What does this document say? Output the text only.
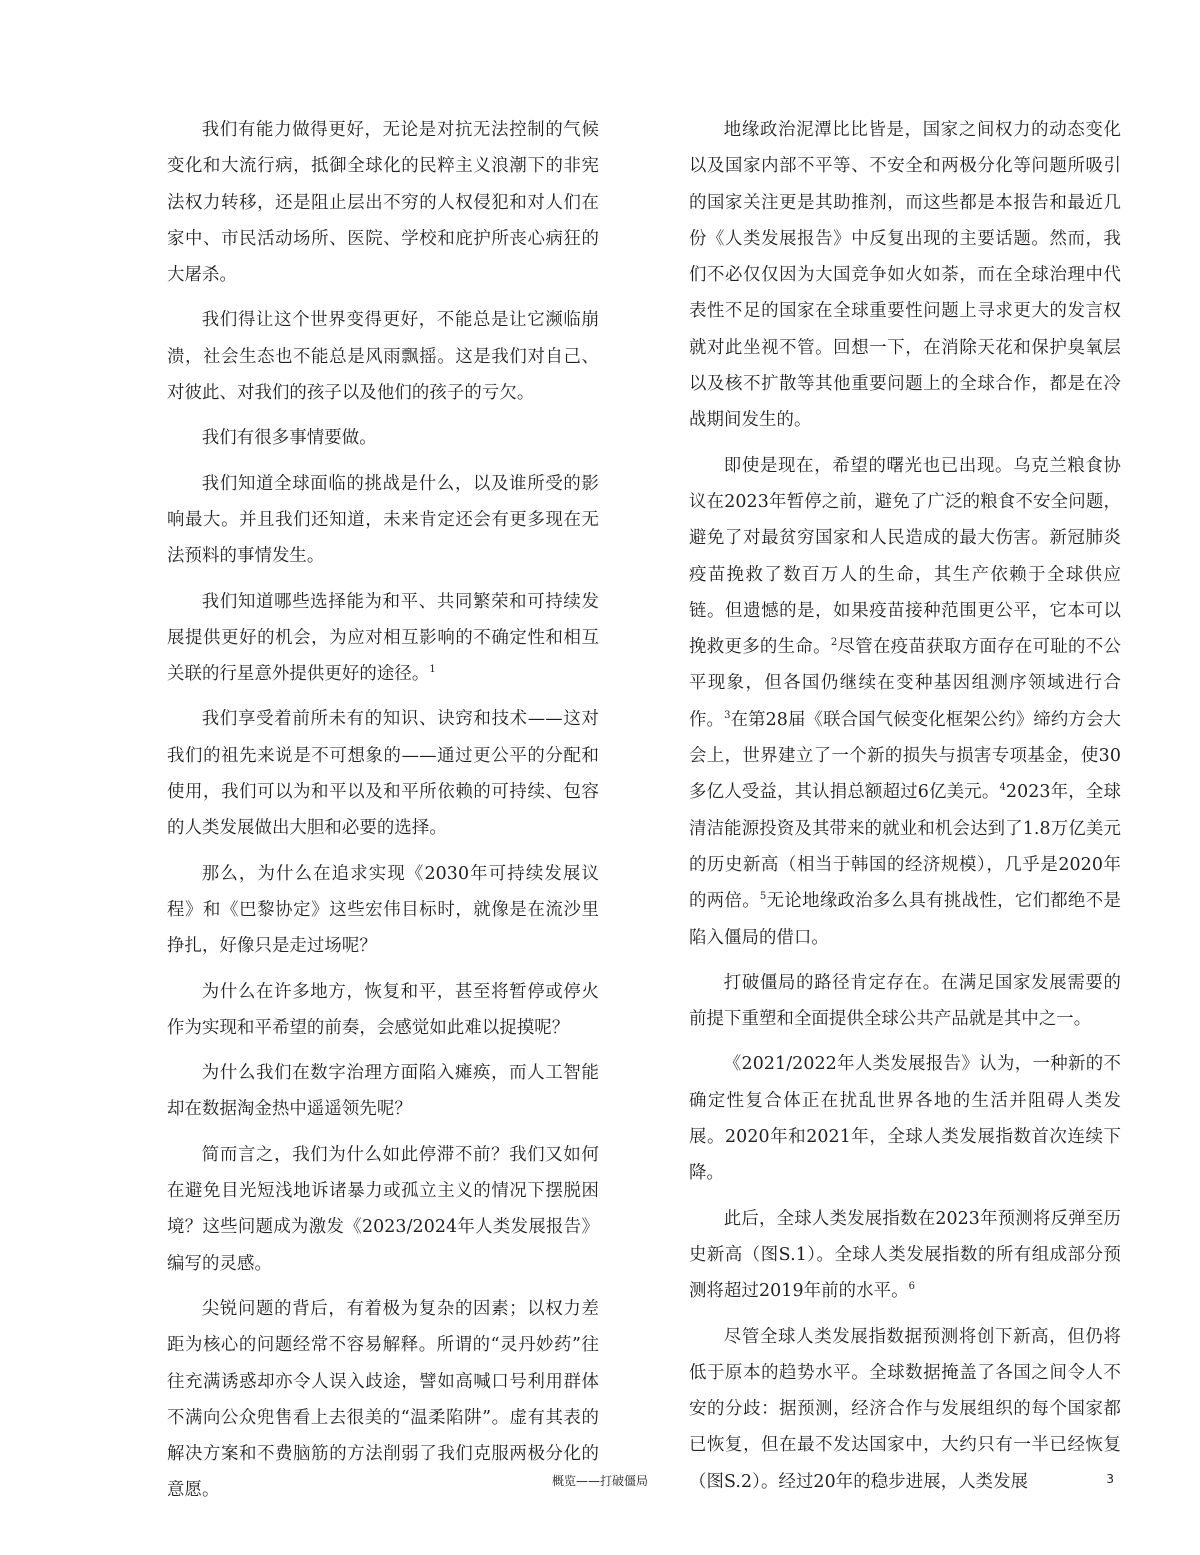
我们有能力做得更好，无论是对抗无法控制的气候变化和大流行病，抵御全球化的民粹主义浪潮下的非宪法权力转移，还是阻止层出不穷的人权侵犯和对人们在家中、市民活动场所、医院、学校和庇护所丧心病狂的大屠杀。

我们得让这个世界变得更好，不能总是让它濒临崩溃，社会生态也不能总是风雨飘摇。这是我们对自己、对彼此、对我们的孩子以及他们的孩子的亏欠。

我们有很多事情要做。

我们知道全球面临的挑战是什么，以及谁所受的影响最大。并且我们还知道，未来肯定还会有更多现在无法预料的事情发生。

我们知道哪些选择能为和平、共同繁荣和可持续发展提供更好的机会，为应对相互影响的不确定性和相互关联的行星意外提供更好的途径。$^1$

我们享受着前所未有的知识、诀窍和技术——这对我们的祖先来说是不可想象的——通过更公平的分配和使用，我们可以为和平以及和平所依赖的可持续、包容的人类发展做出大胆和必要的选择。

那么，为什么在追求实现《2030年可持续发展议程》和《巴黎协定》这些宏伟目标时，就像是在流沙里挣扎，好像只是走过场呢？

为什么在许多地方，恢复和平，甚至将暂停或停火作为实现和平希望的前奏，会感觉如此难以捉摸呢？

为什么我们在数字治理方面陷入瘫痪，而人工智能却在数据淘金热中遥遥领先呢？

简而言之，我们为什么如此停滞不前？我们又如何在避免目光短浅地诉诸暴力或孤立主义的情况下摆脱困境？这些问题成为激发《2023/2024年人类发展报告》编写的灵感。

尖锐问题的背后，有着极为复杂的因素；以权力差距为核心的问题经常不容易解释。所谓的“灵丹妙药”往往充满诱惑却亦令人误入歧途，譬如高喊口号利用群体不满向公众兜售看上去很美的“温柔陷阱”。虚有其表的解决方案和不费脑筋的方法削弱了我们克服两极分化的意愿。

地缘政治泥潭比比皆是，国家之间权力的动态变化以及国家内部不平等、不安全和两极分化等问题所吸引的国家关注更是其助推剂，而这些都是本报告和最近几份《人类发展报告》中反复出现的主要话题。然而，我们不必仅仅因为大国竞争如火如荼，而在全球治理中代表性不足的国家在全球重要性问题上寻求更大的发言权就对此坐视不管。回想一下，在消除天花和保护臭氧层以及核不扩散等其他重要问题上的全球合作，都是在冷战期间发生的。

即使是现在，希望的曙光也已出现。乌克兰粮食协议在2023年暂停之前，避免了广泛的粮食不安全问题，避免了对最贫穷国家和人民造成的最大伤害。新冠肺炎疫苗挽救了数百万人的生命，其生产依赖于全球供应链。但遗憾的是，如果疫苗接种范围更公平，它本可以挽救更多的生命。$^2$尽管在疫苗获取方面存在可耻的不公平现象，但各国仍继续在变种基因组测序领域进行合作。$^3$在第28届《联合国气候变化框架公约》缔约方会大会上，世界建立了一个新的损失与损害专项基金，使30多亿人受益，其认捐总额超过6亿美元。$^4$2023年，全球清洁能源投资及其带来的就业和机会达到了1.8万亿美元的历史新高（相当于韩国的经济规模），几乎是2020年的两倍。$^5$无论地缘政治多么具有挑战性，它们都绝不是陷入僵局的借口。

打破僵局的路径肯定存在。在满足国家发展需要的前提下重塑和全面提供全球公共产品就是其中之一。

《2021/2022年人类发展报告》认为，一种新的不确定性复合体正在扰乱世界各地的生活并阻碍人类发展。2020年和2021年，全球人类发展指数首次连续下降。

此后，全球人类发展指数在2023年预测将反弹至历史新高（图S.1）。全球人类发展指数的所有组成部分预测将超过2019年前的水平。$^6$

尽管全球人类发展指数据预测将创下新高，但仍将低于原本的趋势水平。全球数据掩盖了各国之间令人不安的分歧：据预测，经济合作与发展组织的每个国家都已恢复，但在最不发达国家中，大约只有一半已经恢复（图S.2）。经过20年的稳步进展，人类发展

概览——打破僵局	3
